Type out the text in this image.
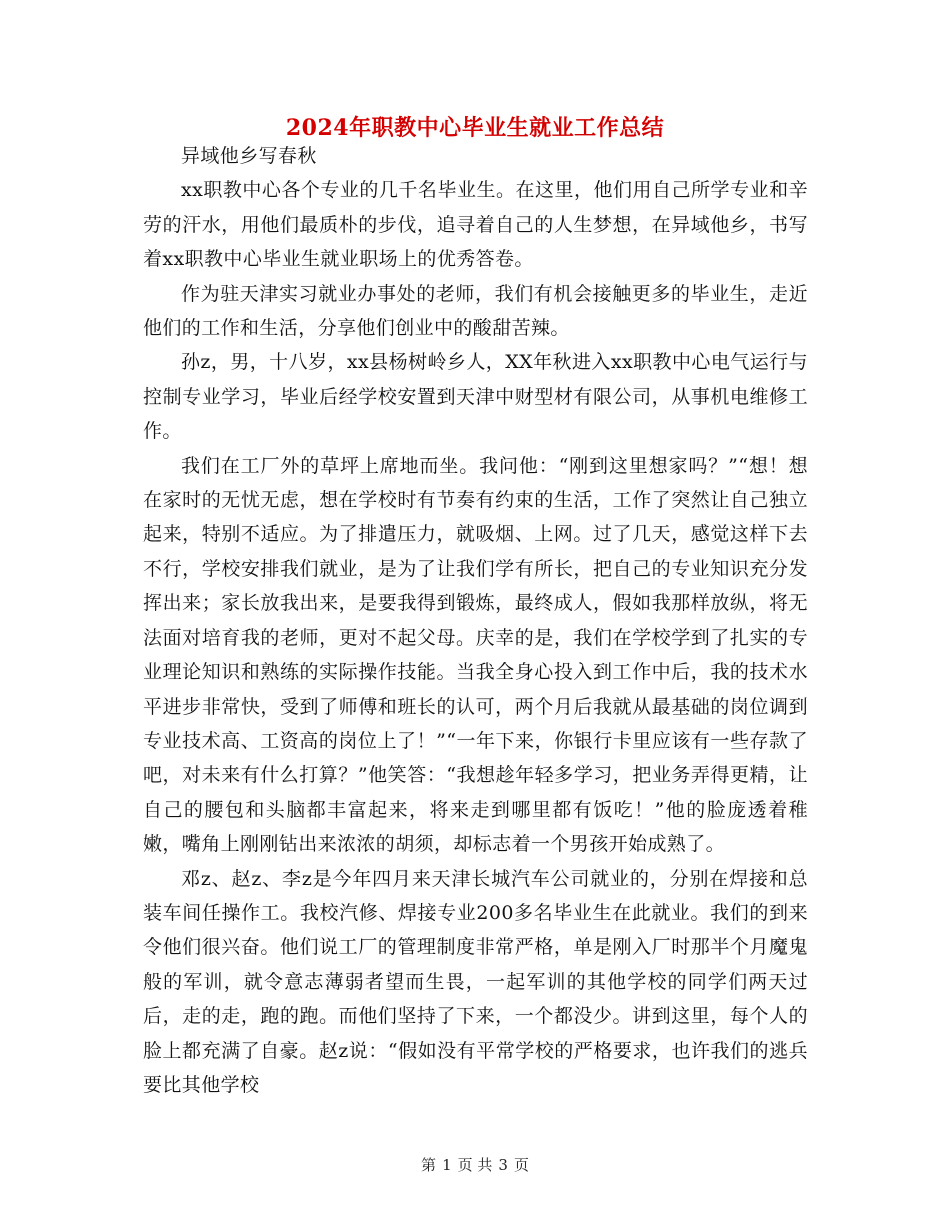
2024年职教中心毕业生就业工作总结

异域他乡写春秋

xx职教中心各个专业的几千名毕业生。在这里，他们用自己所学专业和辛劳的汗水，用他们最质朴的步伐，追寻着自己的人生梦想，在异域他乡，书写着xx职教中心毕业生就业职场上的优秀答卷。

作为驻天津实习就业办事处的老师，我们有机会接触更多的毕业生，走近他们的工作和生活，分享他们创业中的酸甜苦辣。

孙z，男，十八岁，xx县杨树岭乡人，XX年秋进入xx职教中心电气运行与控制专业学习，毕业后经学校安置到天津中财型材有限公司，从事机电维修工作。

我们在工厂外的草坪上席地而坐。我问他：“刚到这里想家吗？”“想！想在家时的无忧无虑，想在学校时有节奏有约束的生活，工作了突然让自己独立起来，特别不适应。为了排遣压力，就吸烟、上网。过了几天，感觉这样下去不行，学校安排我们就业，是为了让我们学有所长，把自己的专业知识充分发挥出来；家长放我出来，是要我得到锻炼，最终成人，假如我那样放纵，将无法面对培育我的老师，更对不起父母。庆幸的是，我们在学校学到了扎实的专业理论知识和熟练的实际操作技能。当我全身心投入到工作中后，我的技术水平进步非常快，受到了师傅和班长的认可，两个月后我就从最基础的岗位调到专业技术高、工资高的岗位上了！”“一年下来，你银行卡里应该有一些存款了吧，对未来有什么打算？”他笑答：“我想趁年轻多学习，把业务弄得更精，让自己的腰包和头脑都丰富起来，将来走到哪里都有饭吃！”他的脸庞透着稚嫩，嘴角上刚刚钻出来浓浓的胡须，却标志着一个男孩开始成熟了。

邓z、赵z、李z是今年四月来天津长城汽车公司就业的，分别在焊接和总装车间任操作工。我校汽修、焊接专业200多名毕业生在此就业。我们的到来令他们很兴奋。他们说工厂的管理制度非常严格，单是刚入厂时那半个月魔鬼般的军训，就令意志薄弱者望而生畏，一起军训的其他学校的同学们两天过后，走的走，跑的跑。而他们坚持了下来，一个都没少。讲到这里，每个人的脸上都充满了自豪。赵z说：“假如没有平常学校的严格要求，也许我们的逃兵要比其他学校

第 1 页 共 3 页
